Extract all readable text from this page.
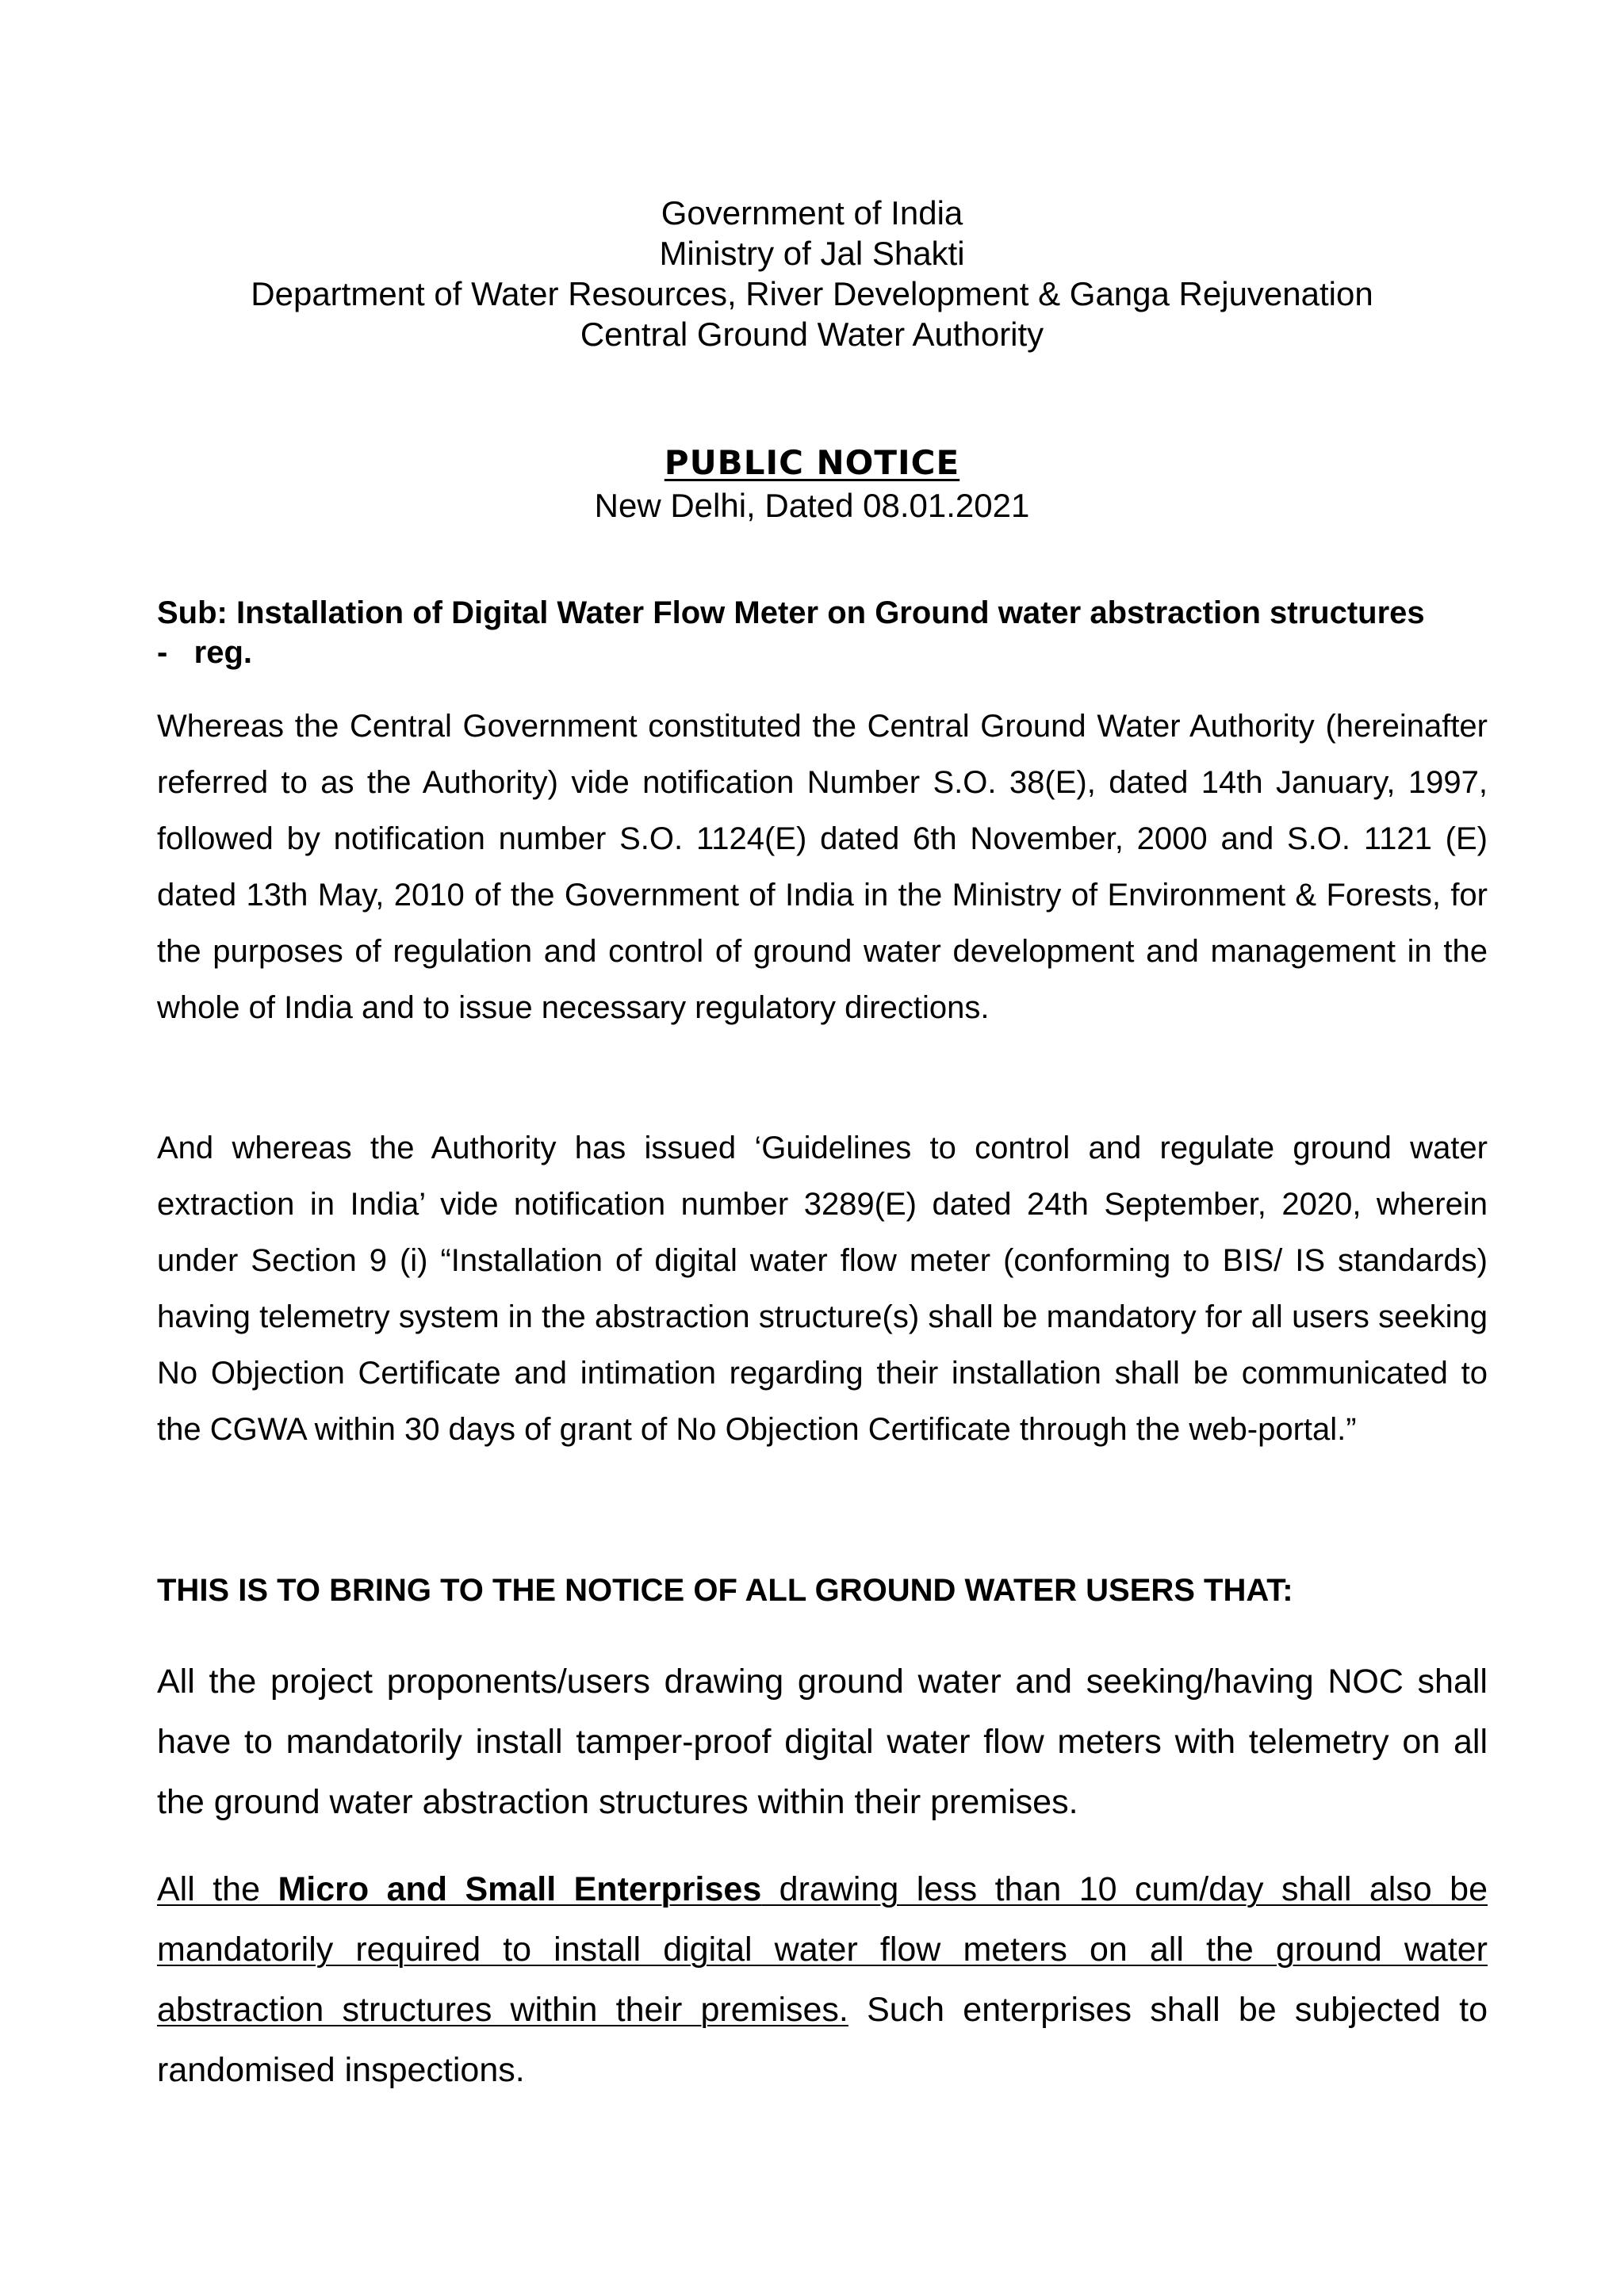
Government of India
Ministry of Jal Shakti
Department of Water Resources, River Development & Ganga Rejuvenation
Central Ground Water Authority
PUBLIC NOTICE
New Delhi, Dated 08.01.2021
Sub: Installation of Digital Water Flow Meter on Ground water abstraction structures
-   reg.

Whereas the Central Government constituted the Central Ground Water Authority (hereinafter referred to as the Authority) vide notification Number S.O. 38(E), dated 14th January, 1997, followed by notification number S.O. 1124(E) dated 6th November, 2000 and S.O. 1121 (E) dated 13th May, 2010 of the Government of India in the Ministry of Environment & Forests, for the purposes of regulation and control of ground water development and management in the whole of India and to issue necessary regulatory directions.

And whereas the Authority has issued ‘Guidelines to control and regulate ground water extraction in India’ vide notification number 3289(E) dated 24th September, 2020, wherein under Section 9 (i) “Installation of digital water flow meter (conforming to BIS/ IS standards) having telemetry system in the abstraction structure(s) shall be mandatory for all users seeking No Objection Certificate and intimation regarding their installation shall be communicated to the CGWA within 30 days of grant of No Objection Certificate through the web-portal.”

THIS IS TO BRING TO THE NOTICE OF ALL GROUND WATER USERS THAT:

All the project proponents/users drawing ground water and seeking/having NOC shall have to mandatorily install tamper-proof digital water flow meters with telemetry on all the ground water abstraction structures within their premises.

All the Micro and Small Enterprises drawing less than 10 cum/day shall also be mandatorily required to install digital water flow meters on all the ground water abstraction structures within their premises. Such enterprises shall be subjected to randomised inspections.
